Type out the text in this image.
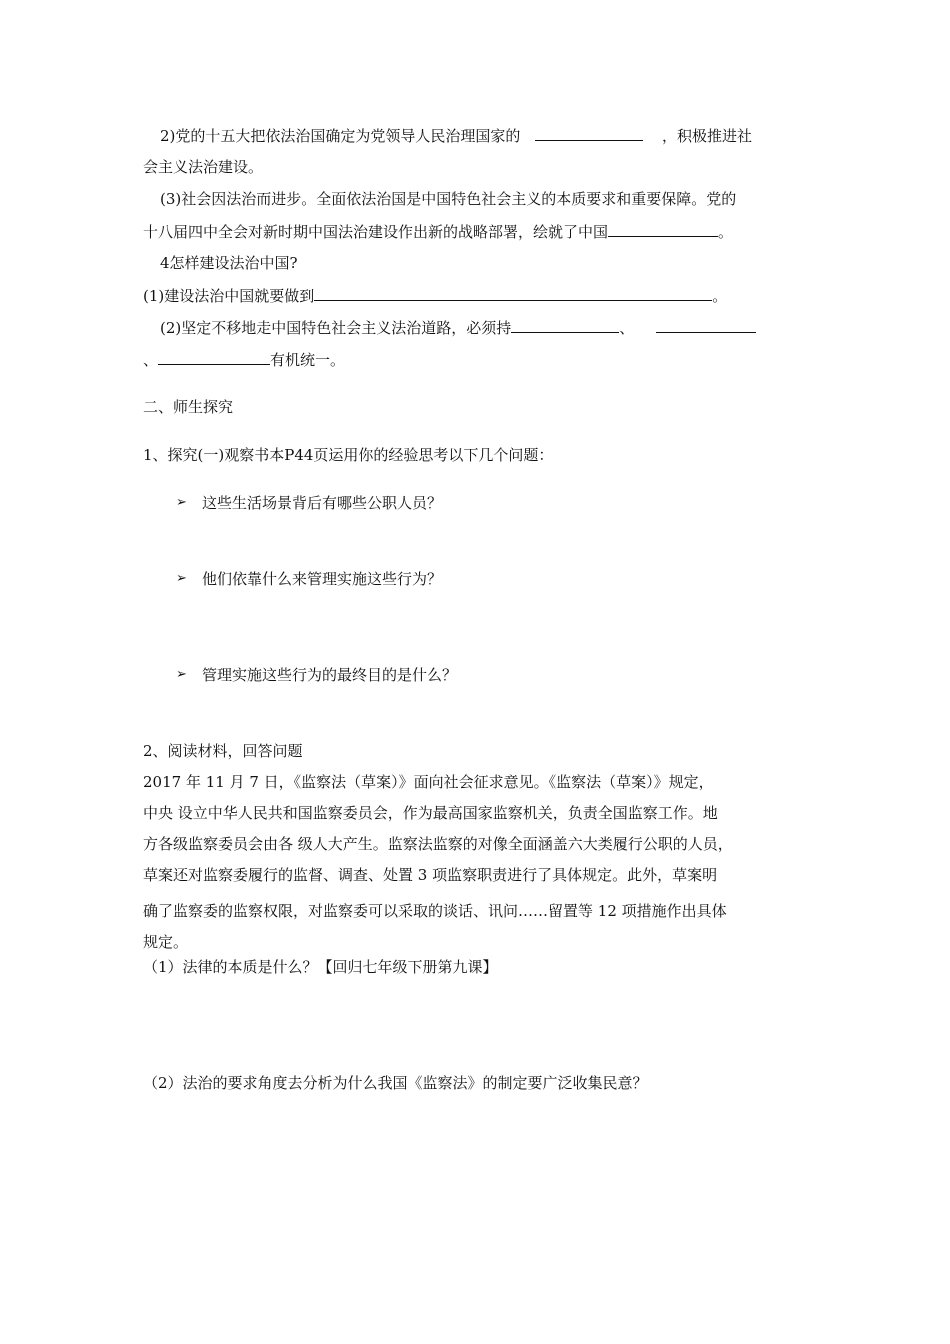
2)党的十五大把依法治国确定为党领导人民治理国家的	，积极推进社
会主义法治建设。
(3)社会因法治而进步。全面依法治国是中国特色社会主义的本质要求和重要保障。党的
十八届四中全会对新时期中国法治建设作出新的战略部署，绘就了中国	。
4怎样建设法治中国?
(1)建设法治中国就要做到	。
(2)坚定不移地走中国特色社会主义法治道路，必须持	、
、	有机统一。
二、师生探究
1、探究(一)观察书本P44页运用你的经验思考以下几个问题：
➢ 这些生活场景背后有哪些公职人员？
➢ 他们依靠什么来管理实施这些行为？
➢ 管理实施这些行为的最终目的是什么？
2、阅读材料，回答问题
2017 年 11 月 7 日，《监察法（草案）》面向社会征求意见。《监察法（草案）》规定，
中央 设立中华人民共和国监察委员会，作为最高国家监察机关，负责全国监察工作。地
方各级监察委员会由各 级人大产生。监察法监察的对像全面涵盖六大类履行公职的人员，
草案还对监察委履行的监督、调查、处置 3 项监察职责进行了具体规定。此外，草案明
确了监察委的监察权限，对监察委可以采取的谈话、讯问……留置等 12 项措施作出具体
规定。
（1）法律的本质是什么？【回归七年级下册第九课】
（2）法治的要求角度去分析为什么我国《监察法》的制定要广泛收集民意？
